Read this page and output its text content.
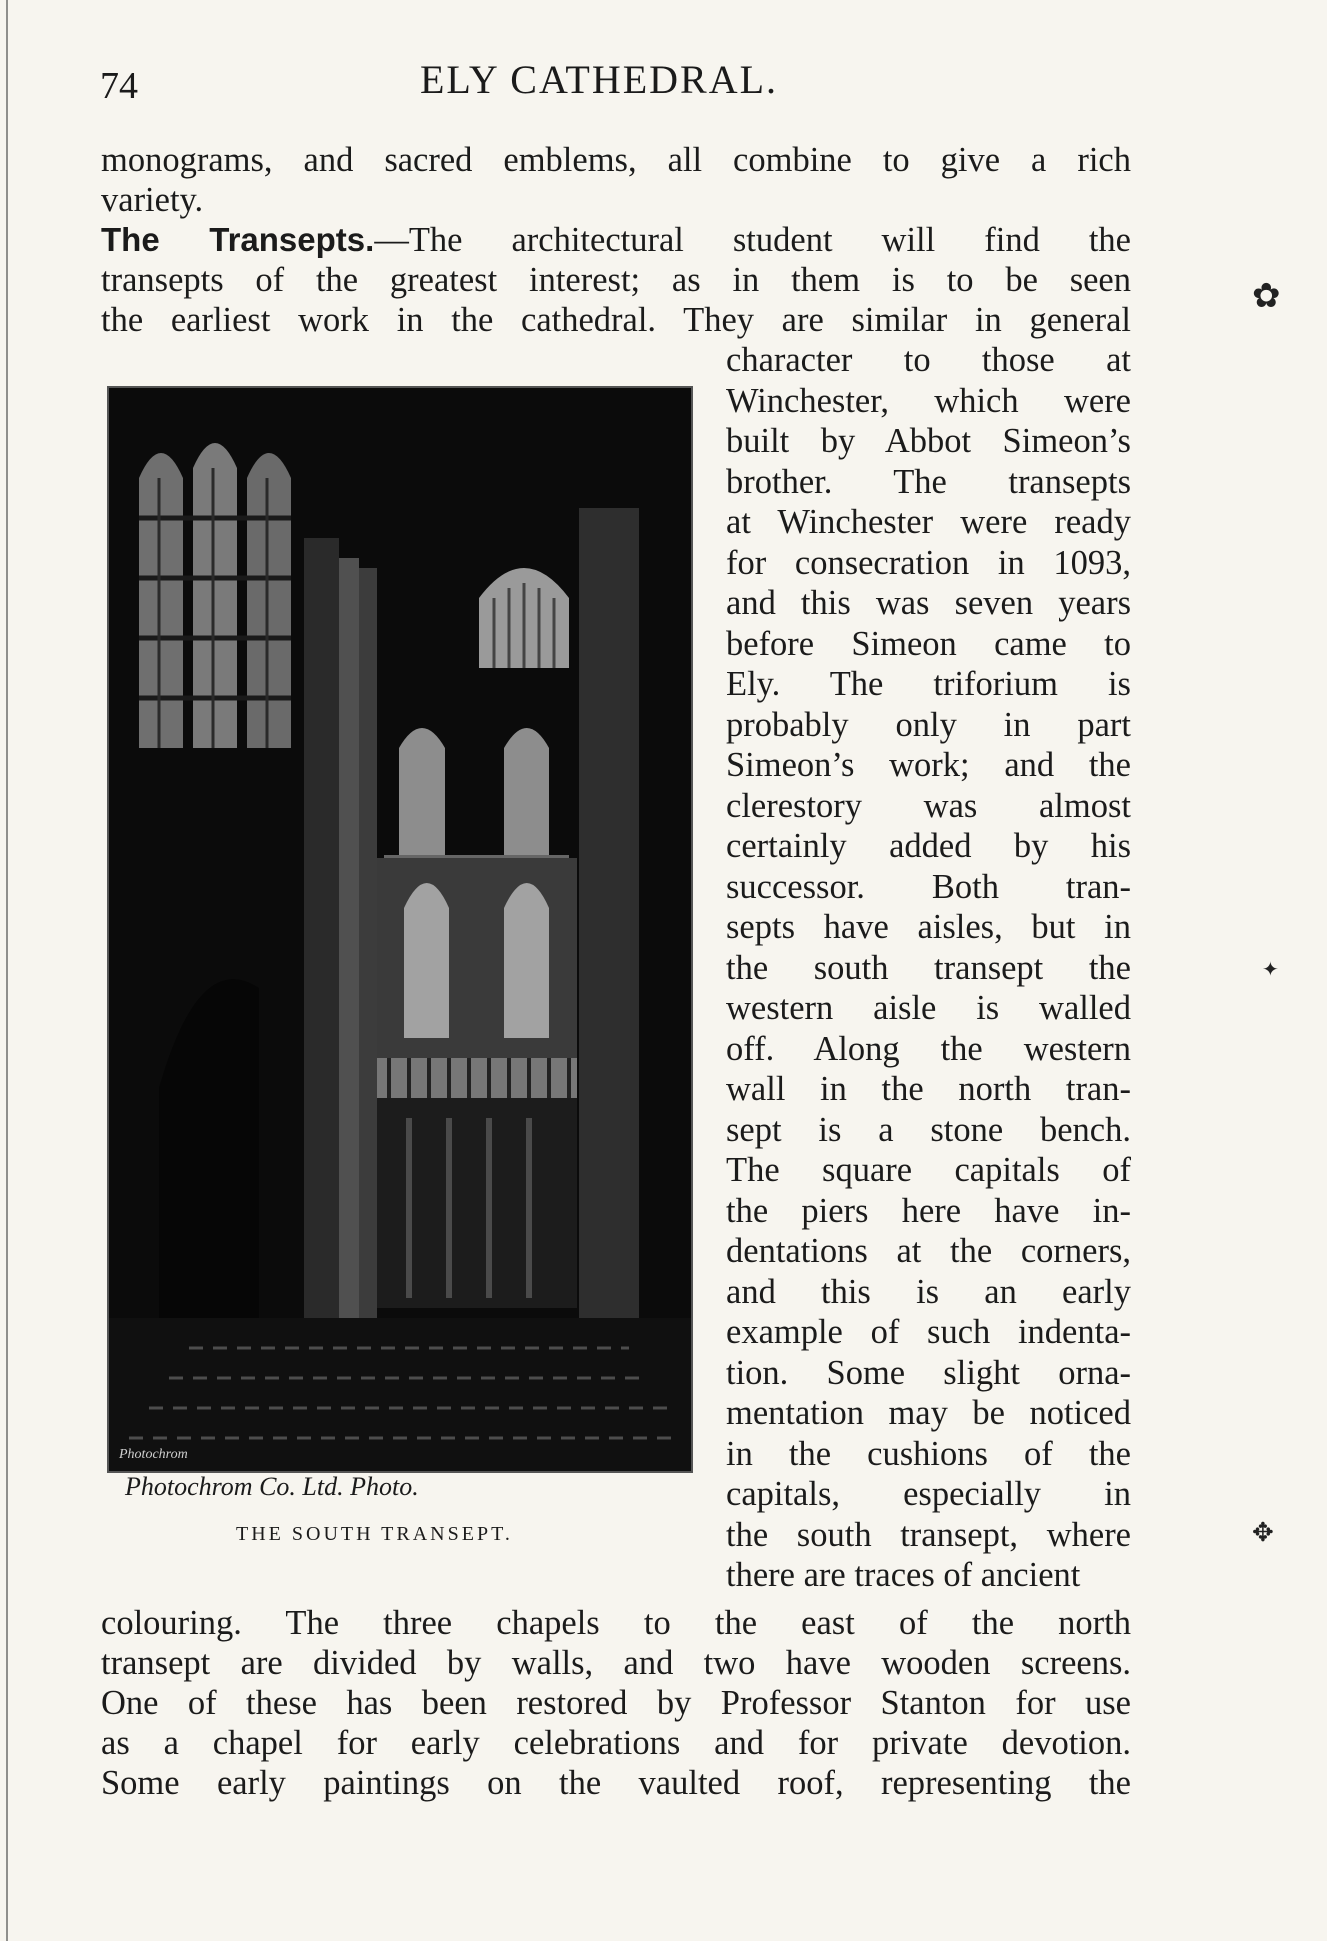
74	ELY CATHEDRAL.
monograms, and sacred emblems, all combine to give a rich
variety.
The Transepts.—The architectural student will find the
transepts of the greatest interest; as in them is to be seen
the earliest work in the cathedral. They are similar in general
character to those at
Winchester, which were
built by Abbot Simeon’s
brother. The transepts
at Winchester were ready
for consecration in 1093,
and this was seven years
before Simeon came to
Ely. The triforium is
probably only in part
Simeon’s work; and the
clerestory was almost
certainly added by his
successor. Both tran-
septs have aisles, but in
the south transept the
western aisle is walled
off. Along the western
wall in the north tran-
sept is a stone bench.
The square capitals of
the piers here have in-
dentations at the corners,
and this is an early
example of such indenta-
tion. Some slight orna-
mentation may be noticed
in the cushions of the
capitals, especially in
the south transept, where
there are traces of ancient
Photochrom
Photochrom Co. Ltd. Photo.
THE SOUTH TRANSEPT.
colouring. The three chapels to the east of the north
transept are divided by walls, and two have wooden screens.
One of these has been restored by Professor Stanton for use
as a chapel for early celebrations and for private devotion.
Some early paintings on the vaulted roof, representing the
✿
✦
✥
